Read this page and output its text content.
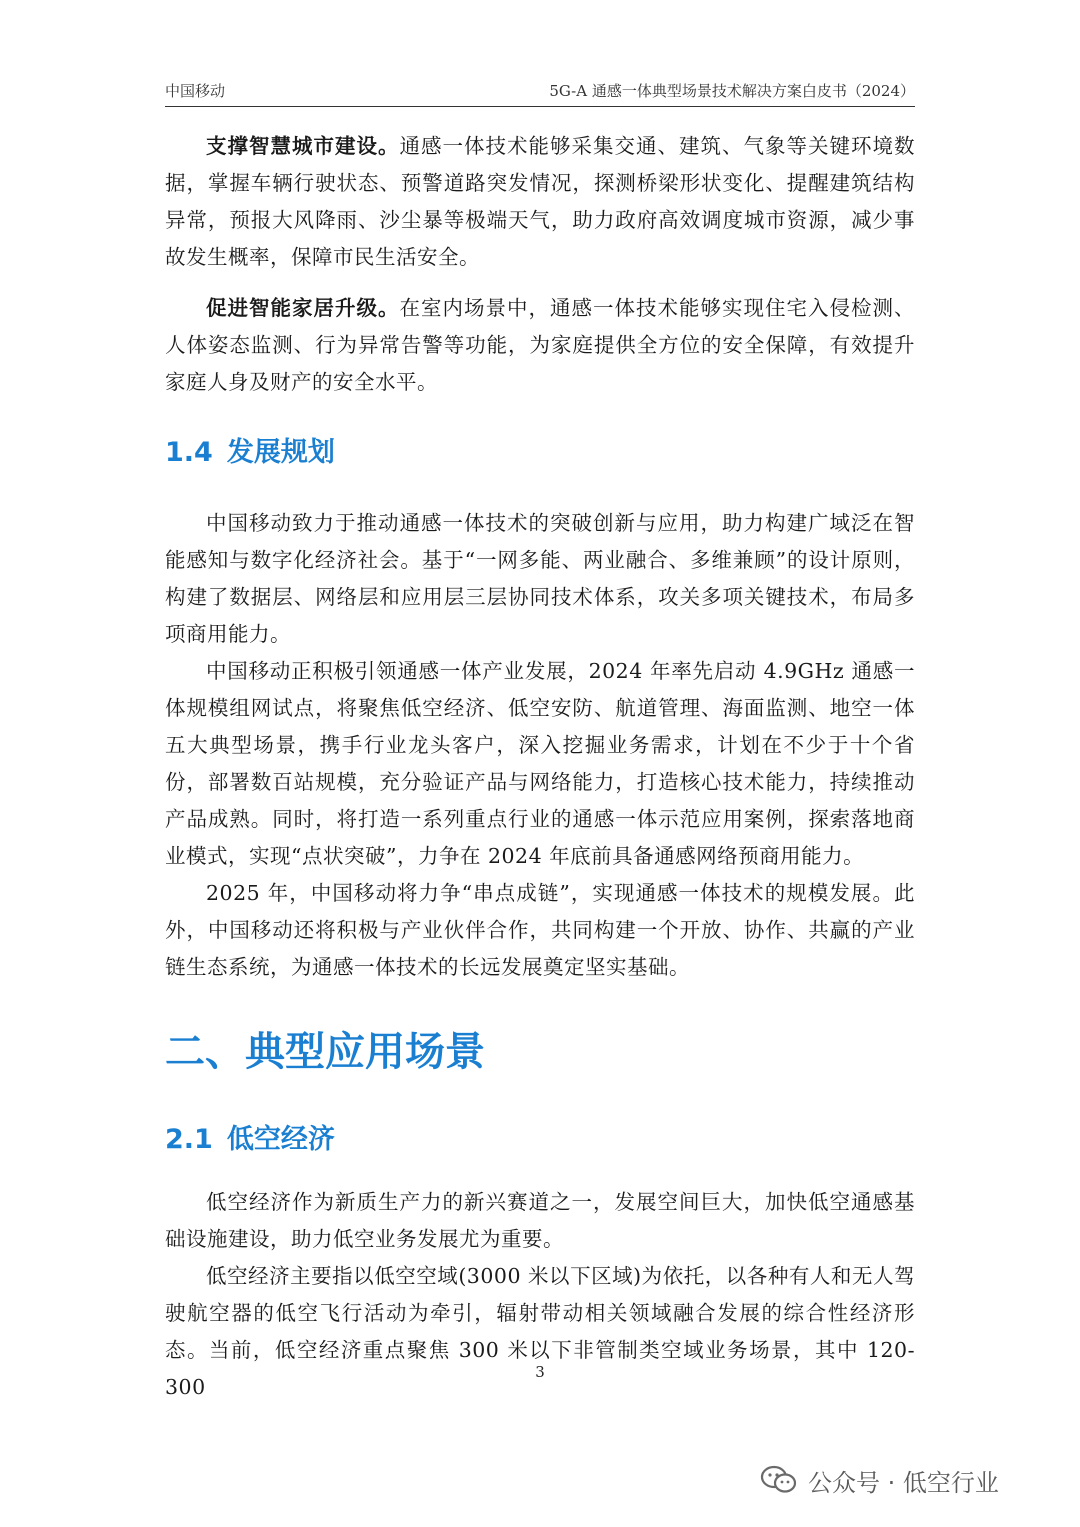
中国移动	5G-A 通感一体典型场景技术解决方案白皮书（2024）

支撑智慧城市建设。通感一体技术能够采集交通、建筑、气象等关键环境数据，掌握车辆行驶状态、预警道路突发情况，探测桥梁形状变化、提醒建筑结构异常，预报大风降雨、沙尘暴等极端天气，助力政府高效调度城市资源，减少事故发生概率，保障市民生活安全。

促进智能家居升级。在室内场景中，通感一体技术能够实现住宅入侵检测、人体姿态监测、行为异常告警等功能，为家庭提供全方位的安全保障，有效提升家庭人身及财产的安全水平。

1.4 发展规划

中国移动致力于推动通感一体技术的突破创新与应用，助力构建广域泛在智能感知与数字化经济社会。基于“一网多能、两业融合、多维兼顾”的设计原则，构建了数据层、网络层和应用层三层协同技术体系，攻关多项关键技术，布局多项商用能力。

中国移动正积极引领通感一体产业发展，2024 年率先启动 4.9GHz 通感一体规模组网试点，将聚焦低空经济、低空安防、航道管理、海面监测、地空一体五大典型场景，携手行业龙头客户，深入挖掘业务需求，计划在不少于十个省份，部署数百站规模，充分验证产品与网络能力，打造核心技术能力，持续推动产品成熟。同时，将打造一系列重点行业的通感一体示范应用案例，探索落地商业模式，实现“点状突破”，力争在 2024 年底前具备通感网络预商用能力。

2025 年，中国移动将力争“串点成链”，实现通感一体技术的规模发展。此外，中国移动还将积极与产业伙伴合作，共同构建一个开放、协作、共赢的产业链生态系统，为通感一体技术的长远发展奠定坚实基础。

二、典型应用场景
2.1 低空经济

低空经济作为新质生产力的新兴赛道之一，发展空间巨大，加快低空通感基础设施建设，助力低空业务发展尤为重要。

低空经济主要指以低空空域(3000 米以下区域)为依托，以各种有人和无人驾驶航空器的低空飞行活动为牵引，辐射带动相关领域融合发展的综合性经济形态。当前，低空经济重点聚焦 300 米以下非管制类空域业务场景，其中 120-300

3
公众号 · 低空行业
